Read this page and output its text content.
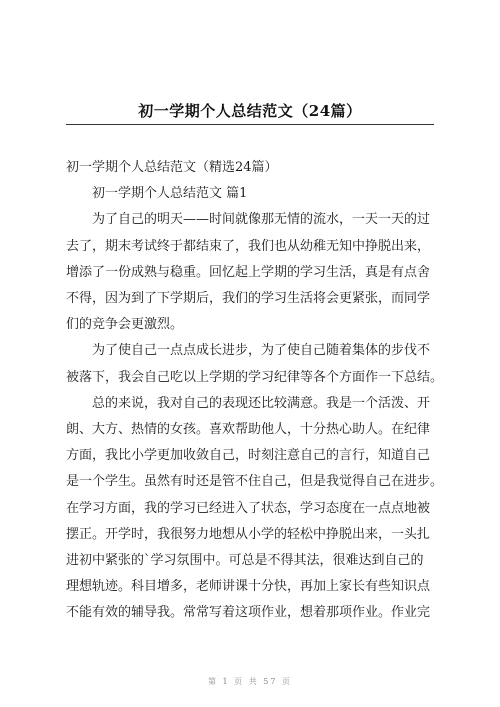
初一学期个人总结范文（24篇）
初一学期个人总结范文（精选24篇）
初一学期个人总结范文 篇1
为了自己的明天——时间就像那无情的流水，一天一天的过
去了，期末考试终于都结束了，我们也从幼稚无知中挣脱出来，
增添了一份成熟与稳重。回忆起上学期的学习生活，真是有点舍
不得，因为到了下学期后，我们的学习生活将会更紧张，而同学
们的竞争会更激烈。
为了使自己一点点成长进步，为了使自己随着集体的步伐不
被落下，我会自己吃以上学期的学习纪律等各个方面作一下总结。
总的来说，我对自己的表现还比较满意。我是一个活泼、开
朗、大方、热情的女孩。喜欢帮助他人，十分热心助人。在纪律
方面，我比小学更加收敛自己，时刻注意自己的言行，知道自己
是一个学生。虽然有时还是管不住自己，但是我觉得自己在进步。
在学习方面，我的学习已经进入了状态，学习态度在一点点地被
摆正。开学时，我很努力地想从小学的轻松中挣脱出来，一头扎
进初中紧张的`学习氛围中。可总是不得其法，很难达到自己的
理想轨迹。科目增多，老师讲课十分快，再加上家长有些知识点
不能有效的辅导我。常常写着这项作业，想着那项作业。作业完
第 1 页 共 57 页
